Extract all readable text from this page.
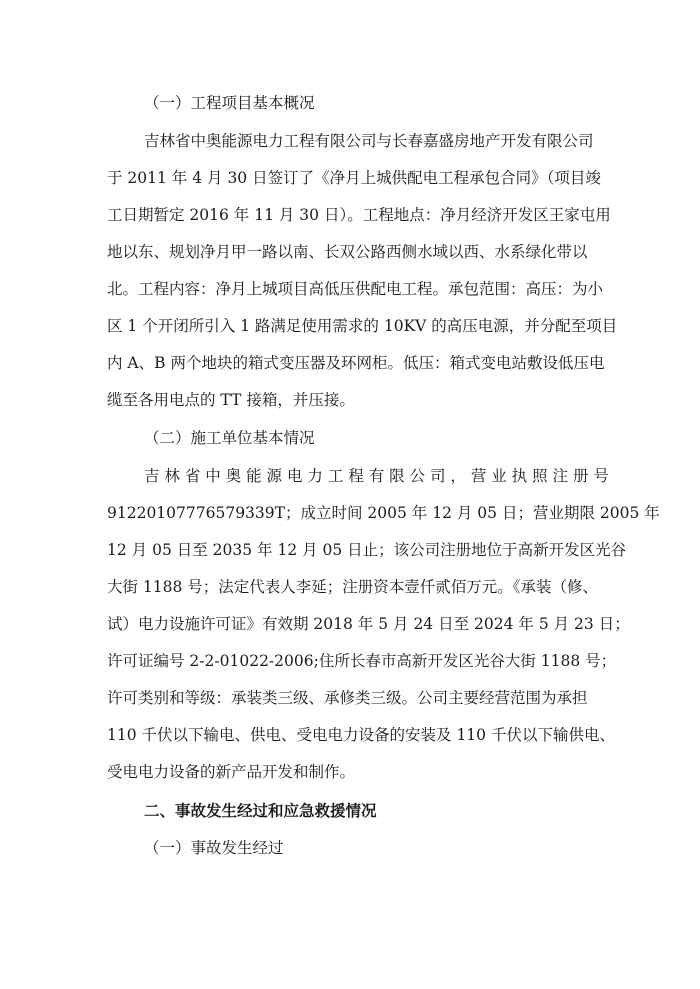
（一）工程项目基本概况
吉林省中奥能源电力工程有限公司与长春嘉盛房地产开发有限公司
于 2011 年 4 月 30 日签订了《净月上城供配电工程承包合同》（项目竣
工日期暂定 2016 年 11 月 30 日）。工程地点：净月经济开发区王家屯用
地以东、规划净月甲一路以南、长双公路西侧水域以西、水系绿化带以
北。工程内容：净月上城项目高低压供配电工程。承包范围：高压：为小
区 1 个开闭所引入 1 路满足使用需求的 10KV 的高压电源，并分配至项目
内 A、B 两个地块的箱式变压器及环网柜。低压：箱式变电站敷设低压电
缆至各用电点的 TT 接箱，并压接。
（二）施工单位基本情况
吉 林 省 中 奥 能 源 电 力 工 程 有 限 公 司 ， 营 业 执 照 注 册 号
91220107776579339T；成立时间 2005 年 12 月 05 日；营业期限 2005 年
12 月 05 日至 2035 年 12 月 05 日止；该公司注册地位于高新开发区光谷
大街 1188 号；法定代表人李延；注册资本壹仟贰佰万元。《承装（修、
试）电力设施许可证》有效期 2018 年 5 月 24 日至 2024 年 5 月 23 日；
许可证编号 2-2-01022-2006;住所长春市高新开发区光谷大街 1188 号；
许可类别和等级：承装类三级、承修类三级。公司主要经营范围为承担
110 千伏以下输电、供电、受电电力设备的安装及 110 千伏以下输供电、
受电电力设备的新产品开发和制作。
二、事故发生经过和应急救援情况
（一）事故发生经过
